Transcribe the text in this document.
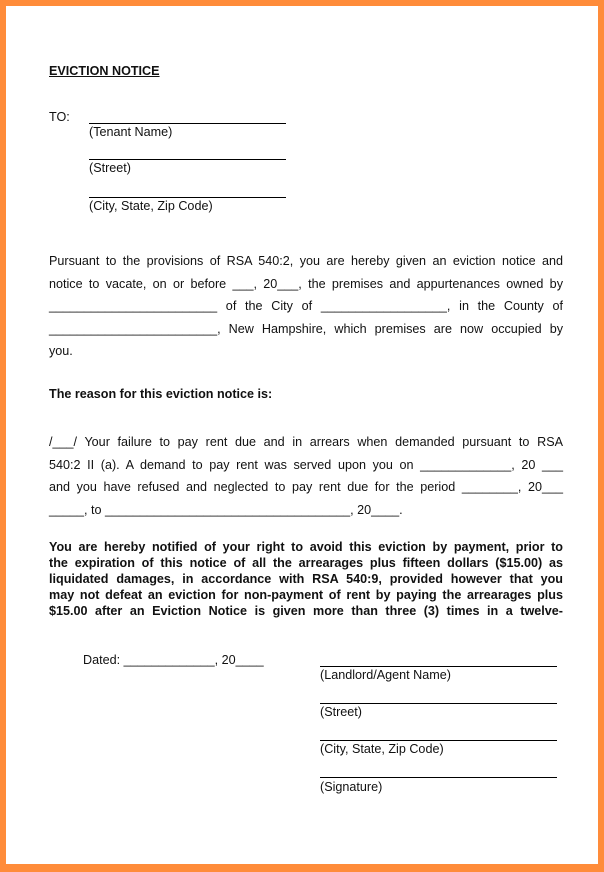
EVICTION NOTICE
TO:
(Tenant Name)
(Street)
(City, State, Zip Code)
Pursuant to the provisions of RSA 540:2, you are hereby given an eviction notice and
notice to vacate, on or before ___, 20___, the premises and appurtenances owned by
________________________ of the City of __________________, in the County of
________________________, New Hampshire, which premises are now occupied by
you.
The reason for this eviction notice is:
/___/ Your failure to pay rent due and in arrears when demanded pursuant to RSA
540:2 II (a). A demand to pay rent was served upon you on _____________, 20 ___
and you have refused and neglected to pay rent due for the period ________, 20___
_____, to ___________________________________, 20____.
You are hereby notified of your right to avoid this eviction by payment, prior to
the expiration of this notice of all the arrearages plus fifteen dollars ($15.00) as
liquidated damages, in accordance with RSA 540:9, provided however that you
may not defeat an eviction for non-payment of rent by paying the arrearages plus
$15.00 after an Eviction Notice is given more than three (3) times in a twelve-
Dated: _____________, 20____
(Landlord/Agent Name)
(Street)
(City, State, Zip Code)
(Signature)
